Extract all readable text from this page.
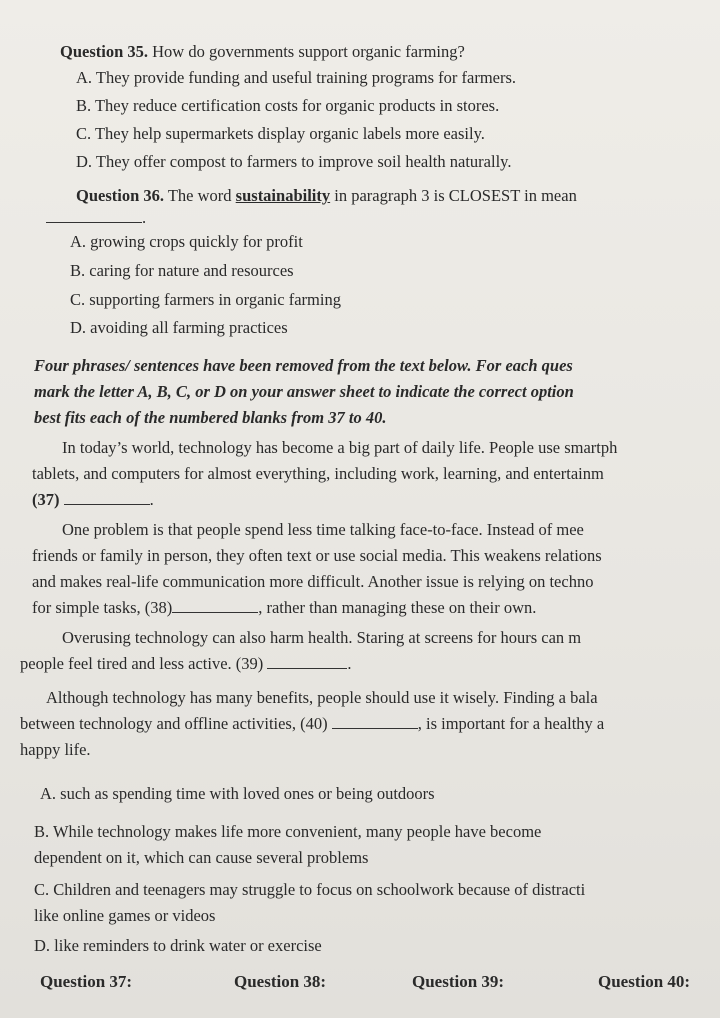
Question 35. How do governments support organic farming?
A. They provide funding and useful training programs for farmers.
B. They reduce certification costs for organic products in stores.
C. They help supermarkets display organic labels more easily.
D. They offer compost to farmers to improve soil health naturally.
Question 36. The word sustainability in paragraph 3 is CLOSEST in mean
.
A. growing crops quickly for profit
B. caring for nature and resources
C. supporting farmers in organic farming
D. avoiding all farming practices
Four phrases/ sentences have been removed from the text below. For each ques
mark the letter A, B, C, or D on your answer sheet to indicate the correct option
best fits each of the numbered blanks from 37 to 40.
In today’s world, technology has become a big part of daily life. People use smartph
tablets, and computers for almost everything, including work, learning, and entertainm
(37)	.
One problem is that people spend less time talking face-to-face. Instead of mee
friends or family in person, they often text or use social media. This weakens relations
and makes real-life communication more difficult. Another issue is relying on techno
for simple tasks, (38)	, rather than managing these on their own.
Overusing technology can also harm health. Staring at screens for hours can m
people feel tired and less active. (39)	.
Although technology has many benefits, people should use it wisely. Finding a bala
between technology and offline activities, (40)	, is important for a healthy a
happy life.
A. such as spending time with loved ones or being outdoors
B. While technology makes life more convenient, many people have become
dependent on it, which can cause several problems
C. Children and teenagers may struggle to focus on schoolwork because of distracti
like online games or videos
D. like reminders to drink water or exercise
Question 37:	Question 38:	Question 39:	Question 40:
